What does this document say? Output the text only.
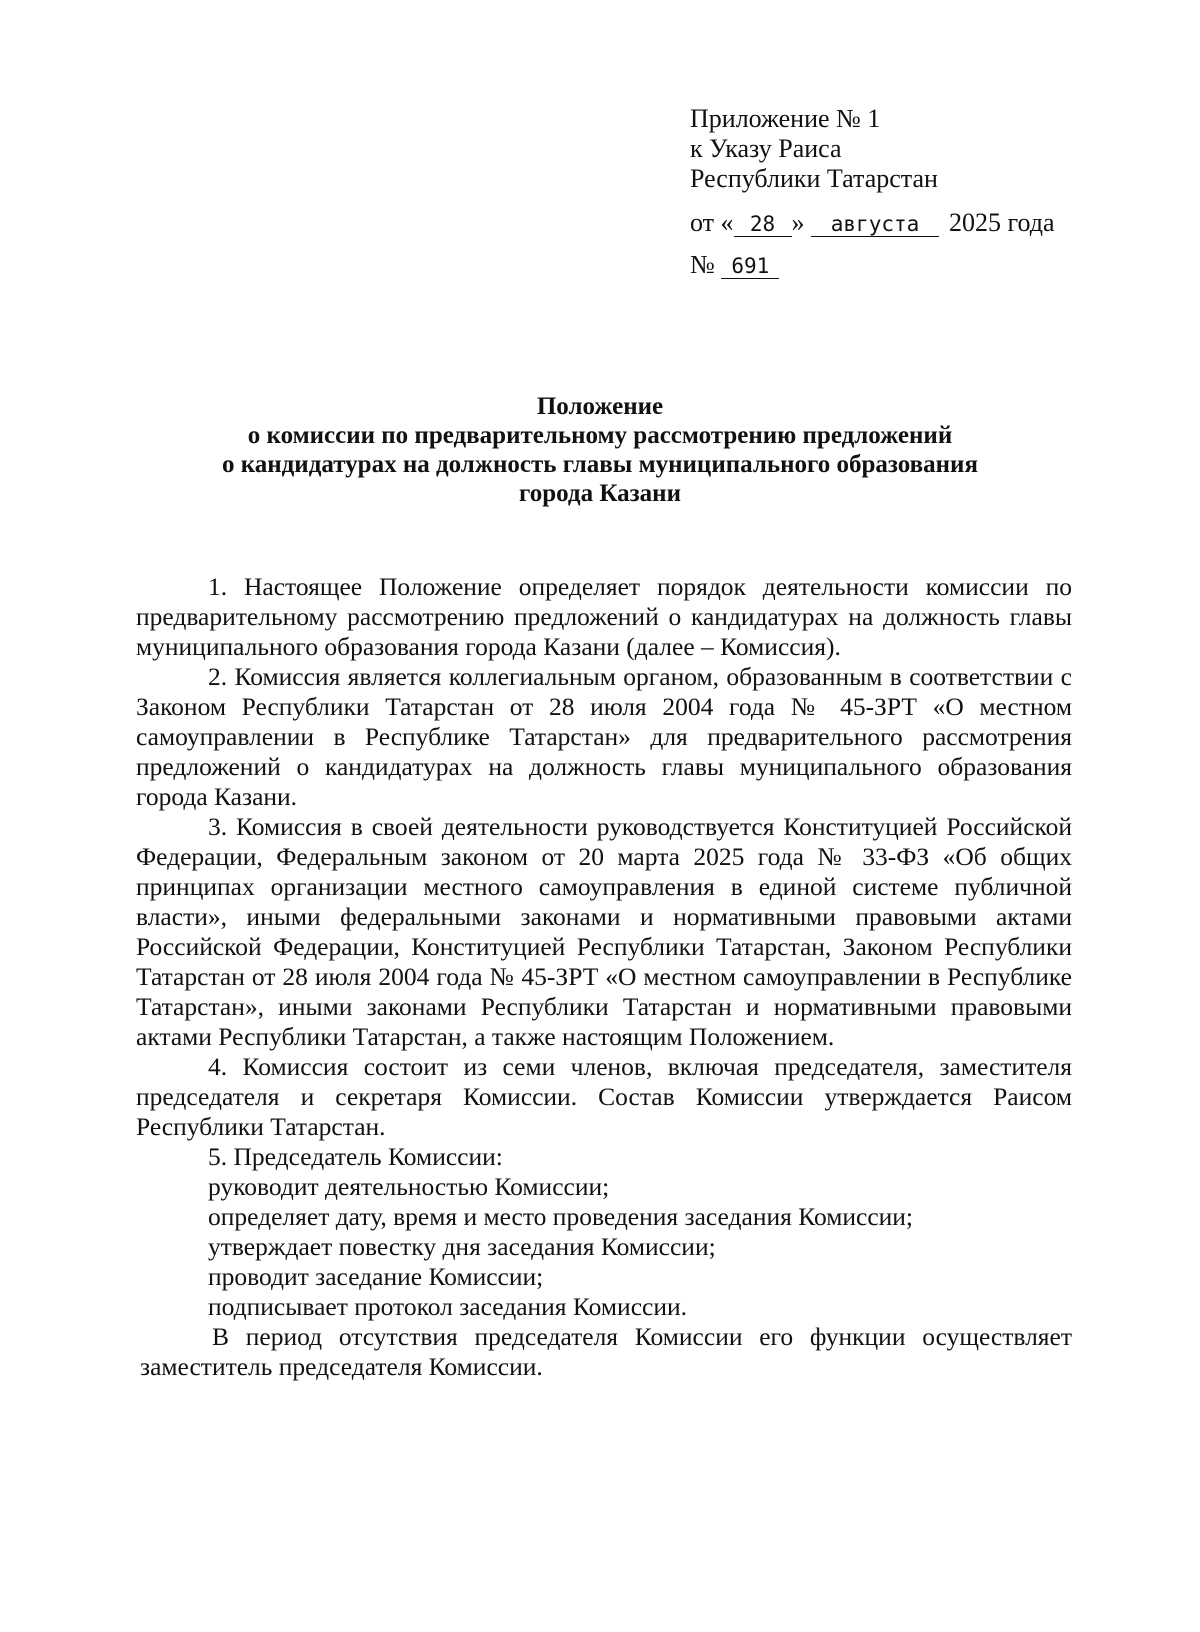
Приложение № 1
к Указу Раиса
Республики Татарстан
от « 28 » августа 2025 года
№ 691
Положение
о комиссии по предварительному рассмотрению предложений
о кандидатурах на должность главы муниципального образования
города Казани

1. Настоящее Положение определяет порядок деятельности комиссии по предварительному рассмотрению предложений о кандидатурах на должность главы муниципального образования города Казани (далее – Комиссия).

2. Комиссия является коллегиальным органом, образованным в соответствии с Законом Республики Татарстан от 28 июля 2004 года № 45-ЗРТ «О местном самоуправлении в Республике Татарстан» для предварительного рассмотрения предложений о кандидатурах на должность главы муниципального образования города Казани.

3. Комиссия в своей деятельности руководствуется Конституцией Российской Федерации, Федеральным законом от 20 марта 2025 года № 33-ФЗ «Об общих принципах организации местного самоуправления в единой системе публичной власти», иными федеральными законами и нормативными правовыми актами Российской Федерации, Конституцией Республики Татарстан, Законом Республики Татарстан от 28 июля 2004 года № 45-ЗРТ «О местном самоуправлении в Республике Татарстан», иными законами Республики Татарстан и нормативными правовыми актами Республики Татарстан, а также настоящим Положением.

4. Комиссия состоит из семи членов, включая председателя, заместителя председателя и секретаря Комиссии. Состав Комиссии утверждается Раисом Республики Татарстан.

5. Председатель Комиссии:

руководит деятельностью Комиссии;

определяет дату, время и место проведения заседания Комиссии;

утверждает повестку дня заседания Комиссии;

проводит заседание Комиссии;

подписывает протокол заседания Комиссии.

В период отсутствия председателя Комиссии его функции осуществляет заместитель председателя Комиссии.
